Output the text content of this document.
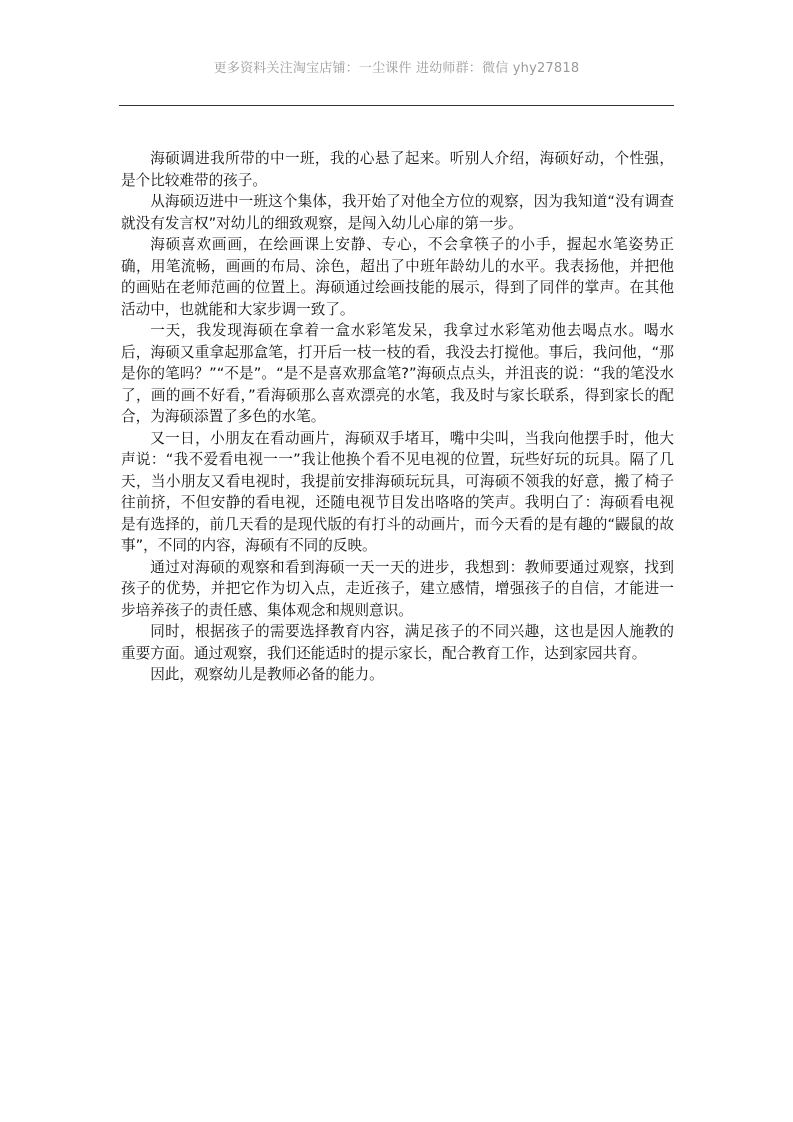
更多资料关注淘宝店铺：一尘课件 进幼师群：微信 yhy27818

海硕调进我所带的中一班，我的心悬了起来。听别人介绍，海硕好动，个性强，是个比较难带的孩子。

从海硕迈进中一班这个集体，我开始了对他全方位的观察，因为我知道“没有调查就没有发言权”对幼儿的细致观察，是闯入幼儿心扉的第一步。

海硕喜欢画画，在绘画课上安静、专心，不会拿筷子的小手，握起水笔姿势正确，用笔流畅，画画的布局、涂色，超出了中班年龄幼儿的水平。我表扬他，并把他的画贴在老师范画的位置上。海硕通过绘画技能的展示，得到了同伴的掌声。在其他活动中，也就能和大家步调一致了。

一天，我发现海硕在拿着一盒水彩笔发呆，我拿过水彩笔劝他去喝点水。喝水后，海硕又重拿起那盒笔，打开后一枝一枝的看，我没去打搅他。事后，我问他，“那是你的笔吗？”“不是”。“是不是喜欢那盒笔?”海硕点点头，并沮丧的说：“我的笔没水了，画的画不好看，”看海硕那么喜欢漂亮的水笔，我及时与家长联系，得到家长的配合，为海硕添置了多色的水笔。

又一日，小朋友在看动画片，海硕双手堵耳，嘴中尖叫，当我向他摆手时，他大声说：“我不爱看电视一一”我让他换个看不见电视的位置，玩些好玩的玩具。隔了几天，当小朋友又看电视时，我提前安排海硕玩玩具，可海硕不领我的好意，搬了椅子往前挤，不但安静的看电视，还随电视节目发出咯咯的笑声。我明白了：海硕看电视是有选择的，前几天看的是现代版的有打斗的动画片，而今天看的是有趣的“鼹鼠的故事”，不同的内容，海硕有不同的反映。

通过对海硕的观察和看到海硕一天一天的进步，我想到：教师要通过观察，找到孩子的优势，并把它作为切入点，走近孩子，建立感情，增强孩子的自信，才能进一步培养孩子的责任感、集体观念和规则意识。

同时，根据孩子的需要选择教育内容，满足孩子的不同兴趣，这也是因人施教的重要方面。通过观察，我们还能适时的提示家长，配合教育工作，达到家园共育。

因此，观察幼儿是教师必备的能力。
